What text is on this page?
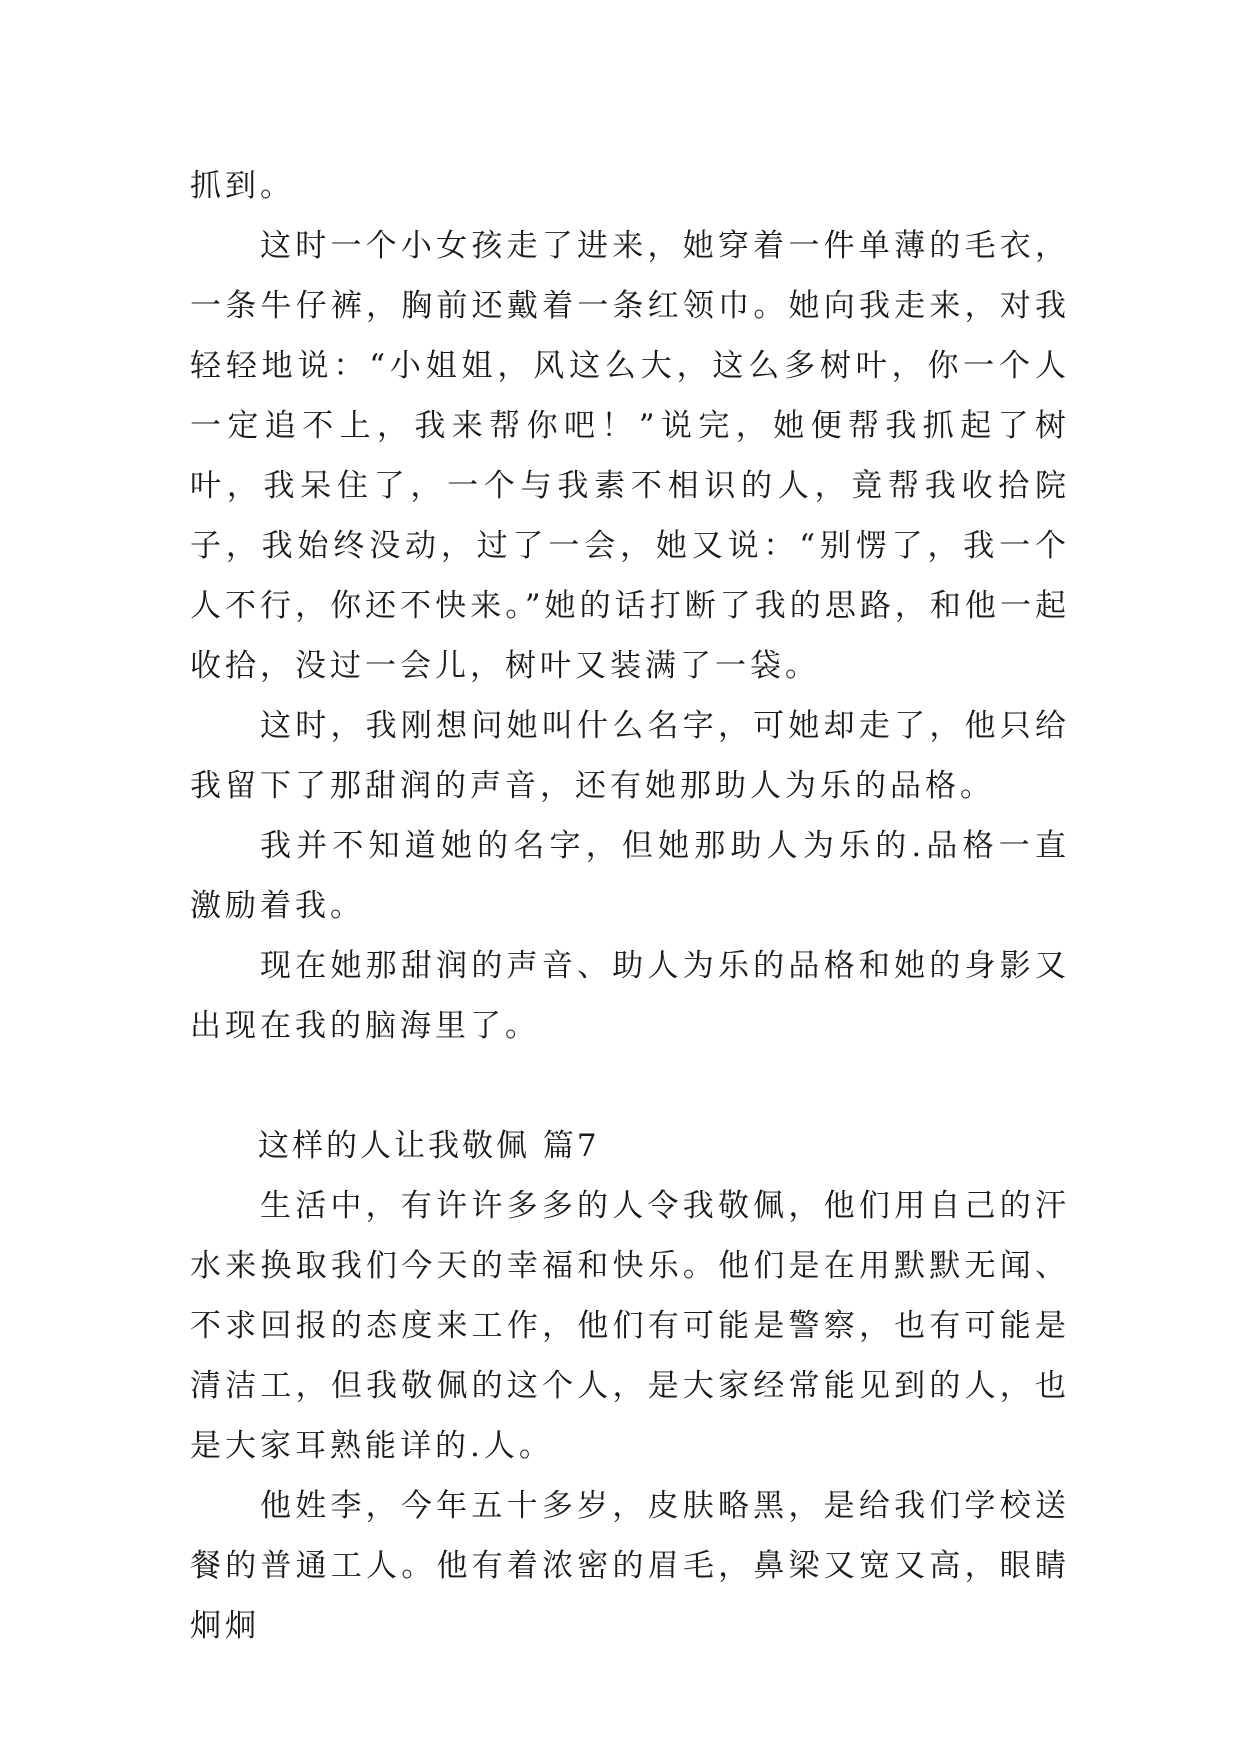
抓到。

这时一个小女孩走了进来，她穿着一件单薄的毛衣，一条牛仔裤，胸前还戴着一条红领巾。她向我走来，对我轻轻地说：“小姐姐，风这么大，这么多树叶，你一个人一定追不上，我来帮你吧！”说完，她便帮我抓起了树叶，我呆住了，一个与我素不相识的人，竟帮我收拾院子，我始终没动，过了一会，她又说：“别愣了，我一个人不行，你还不快来。”她的话打断了我的思路，和他一起收拾，没过一会儿，树叶又装满了一袋。

这时，我刚想问她叫什么名字，可她却走了，他只给我留下了那甜润的声音，还有她那助人为乐的品格。

我并不知道她的名字，但她那助人为乐的.品格一直激励着我。

现在她那甜润的声音、助人为乐的品格和她的身影又出现在我的脑海里了。

这样的人让我敬佩 篇7

生活中，有许许多多的人令我敬佩，他们用自己的汗水来换取我们今天的幸福和快乐。他们是在用默默无闻、不求回报的态度来工作，他们有可能是警察，也有可能是清洁工，但我敬佩的这个人，是大家经常能见到的人，也是大家耳熟能详的.人。

他姓李，今年五十多岁，皮肤略黑，是给我们学校送餐的普通工人。他有着浓密的眉毛，鼻梁又宽又高，眼睛炯炯
